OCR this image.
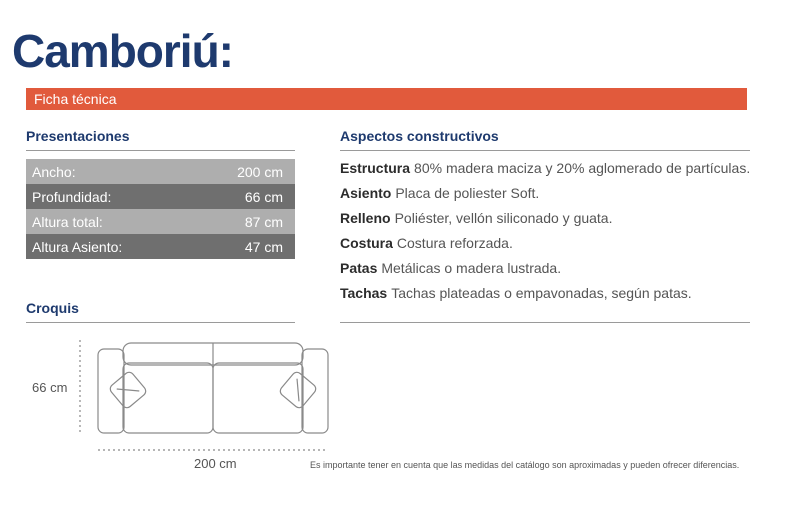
Camboriú:
Ficha técnica
Presentaciones
Ancho:	200 cm
Profundidad:	66 cm
Altura total:	87 cm
Altura Asiento:	47 cm
Aspectos constructivos
Estructura 80% madera maciza y 20% aglomerado de partículas.
Asiento Placa de poliester Soft.
Relleno Poliéster, vellón siliconado y guata.
Costura Costura reforzada.
Patas Metálicas o madera lustrada.
Tachas Tachas plateadas o empavonadas, según patas.
Croquis
66 cm
200 cm	Es importante tener en cuenta que las medidas del catálogo son aproximadas y pueden ofrecer diferencias.
